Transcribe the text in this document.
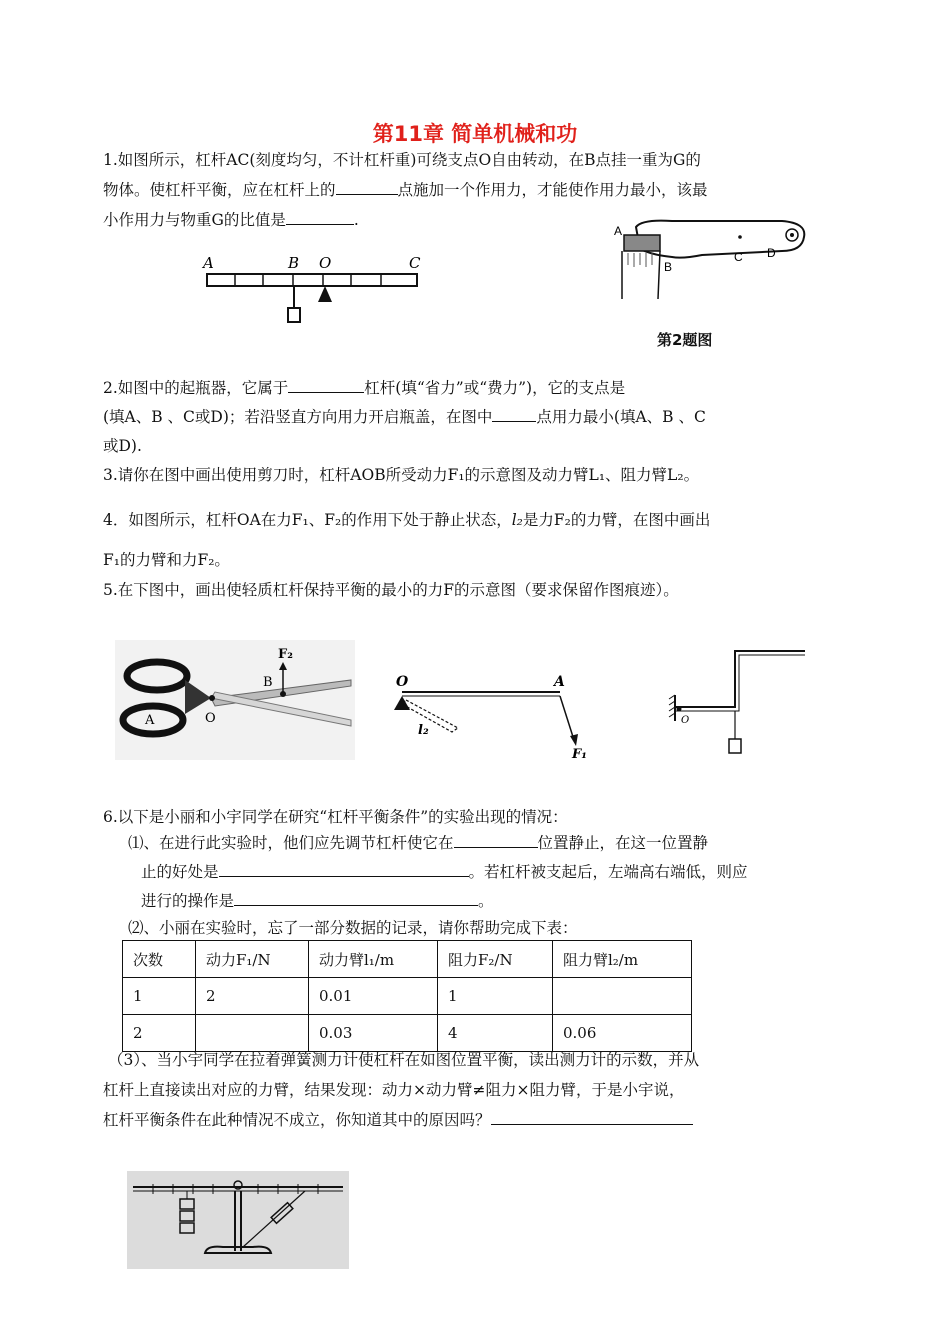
第11章 简单机械和功
1.如图所示，杠杆AC(刻度均匀，不计杠杆重)可绕支点O自由转动，在B点挂一重为G的
物体。使杠杆平衡，应在杠杆上的	点施加一个作用力，才能使作用力最小，该最
小作用力与物重G的比值是	.
A	B O	C
A
B
C D
第2题图
2.如图中的起瓶器，它属于	杠杆(填“省力”或“费力”)，它的支点是
(填A、B 、C或D)；若沿竖直方向用力开启瓶盖，在图中	点用力最小(填A、B 、C
或D).
3.请你在图中画出使用剪刀时，杠杆AOB所受动力F₁的示意图及动力臂L₁、阻力臂L₂。
4．如图所示，杠杆OA在力F₁、F₂的作用下处于静止状态，l₂是力F₂的力臂，在图中画出
F₁的力臂和力F₂。
5.在下图中，画出使轻质杠杆保持平衡的最小的力F的示意图（要求保留作图痕迹）。
F₂
B
A	O
O	A
l₂
F₁
O
6.以下是小丽和小宇同学在研究“杠杆平衡条件”的实验出现的情况：
⑴、在进行此实验时，他们应先调节杠杆使它在	位置静止，在这一位置静
止的好处是	。若杠杆被支起后，左端高右端低，则应
进行的操作是	。
⑵、小丽在实验时，忘了一部分数据的记录，请你帮助完成下表：
次数	动力F₁/N	动力臂l₁/m	阻力F₂/N	阻力臂l₂/m
1	2	0.01	1	
2		0.03	4	0.06
（3）、当小宇同学在拉着弹簧测力计使杠杆在如图位置平衡，读出测力计的示数，并从
杠杆上直接读出对应的力臂，结果发现：动力×动力臂≠阻力×阻力臂，于是小宇说，
杠杆平衡条件在此种情况不成立，你知道其中的原因吗？
